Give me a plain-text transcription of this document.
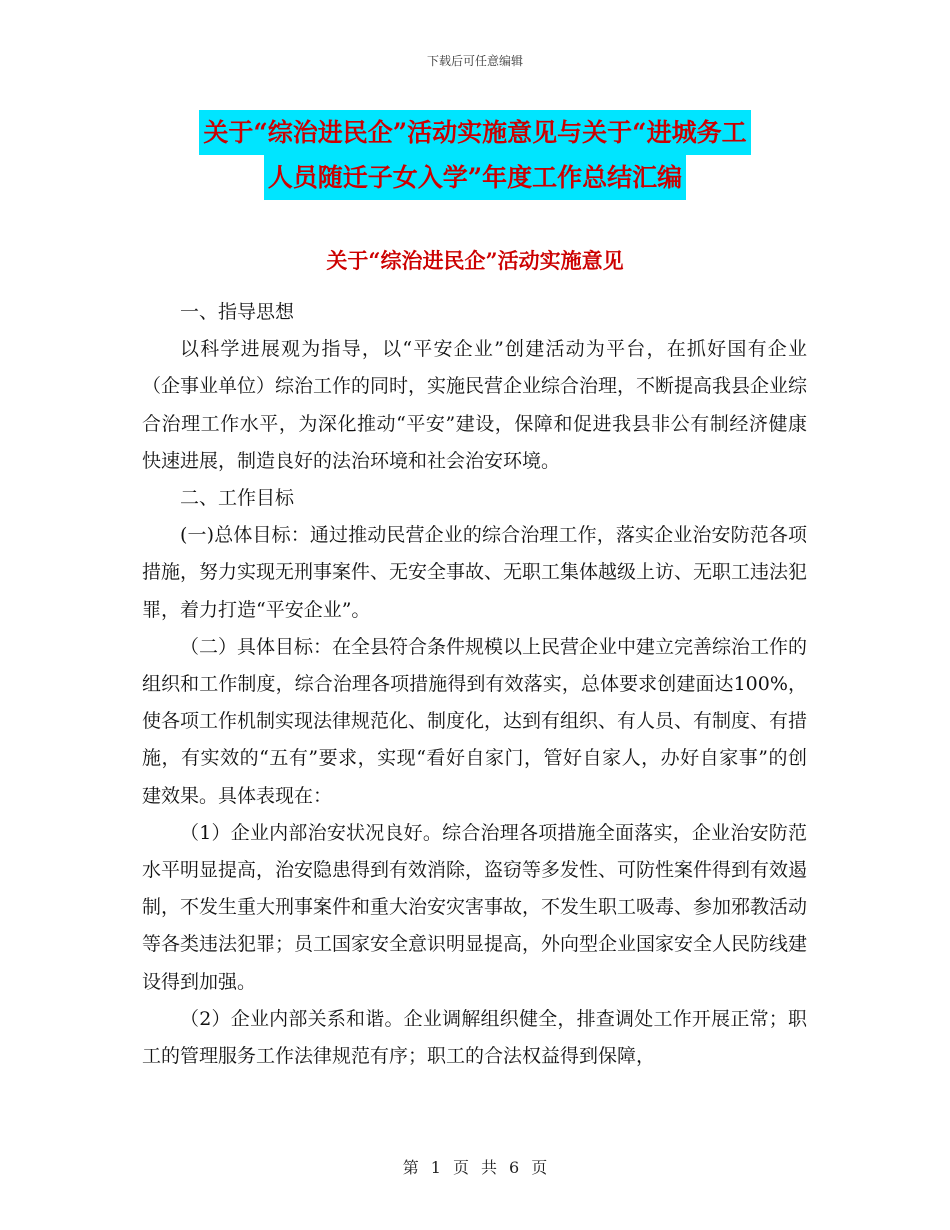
下载后可任意编辑
关于“综治进民企”活动实施意见与关于“进城务工
人员随迁子女入学”年度工作总结汇编
关于“综治进民企”活动实施意见

一、指导思想

以科学进展观为指导，以“平安企业”创建活动为平台，在抓好国有企业（企事业单位）综治工作的同时，实施民营企业综合治理，不断提高我县企业综合治理工作水平，为深化推动“平安”建设，保障和促进我县非公有制经济健康快速进展，制造良好的法治环境和社会治安环境。

二、工作目标

(一)总体目标：通过推动民营企业的综合治理工作，落实企业治安防范各项措施，努力实现无刑事案件、无安全事故、无职工集体越级上访、无职工违法犯罪，着力打造“平安企业”。

（二）具体目标：在全县符合条件规模以上民营企业中建立完善综治工作的组织和工作制度，综合治理各项措施得到有效落实，总体要求创建面达100%，使各项工作机制实现法律规范化、制度化，达到有组织、有人员、有制度、有措施，有实效的“五有”要求，实现“看好自家门，管好自家人，办好自家事”的创建效果。具体表现在：

（1）企业内部治安状况良好。综合治理各项措施全面落实，企业治安防范水平明显提高，治安隐患得到有效消除，盗窃等多发性、可防性案件得到有效遏制，不发生重大刑事案件和重大治安灾害事故，不发生职工吸毒、参加邪教活动等各类违法犯罪；员工国家安全意识明显提高，外向型企业国家安全人民防线建设得到加强。

（2）企业内部关系和谐。企业调解组织健全，排查调处工作开展正常；职工的管理服务工作法律规范有序；职工的合法权益得到保障，

第 1 页 共 6 页
